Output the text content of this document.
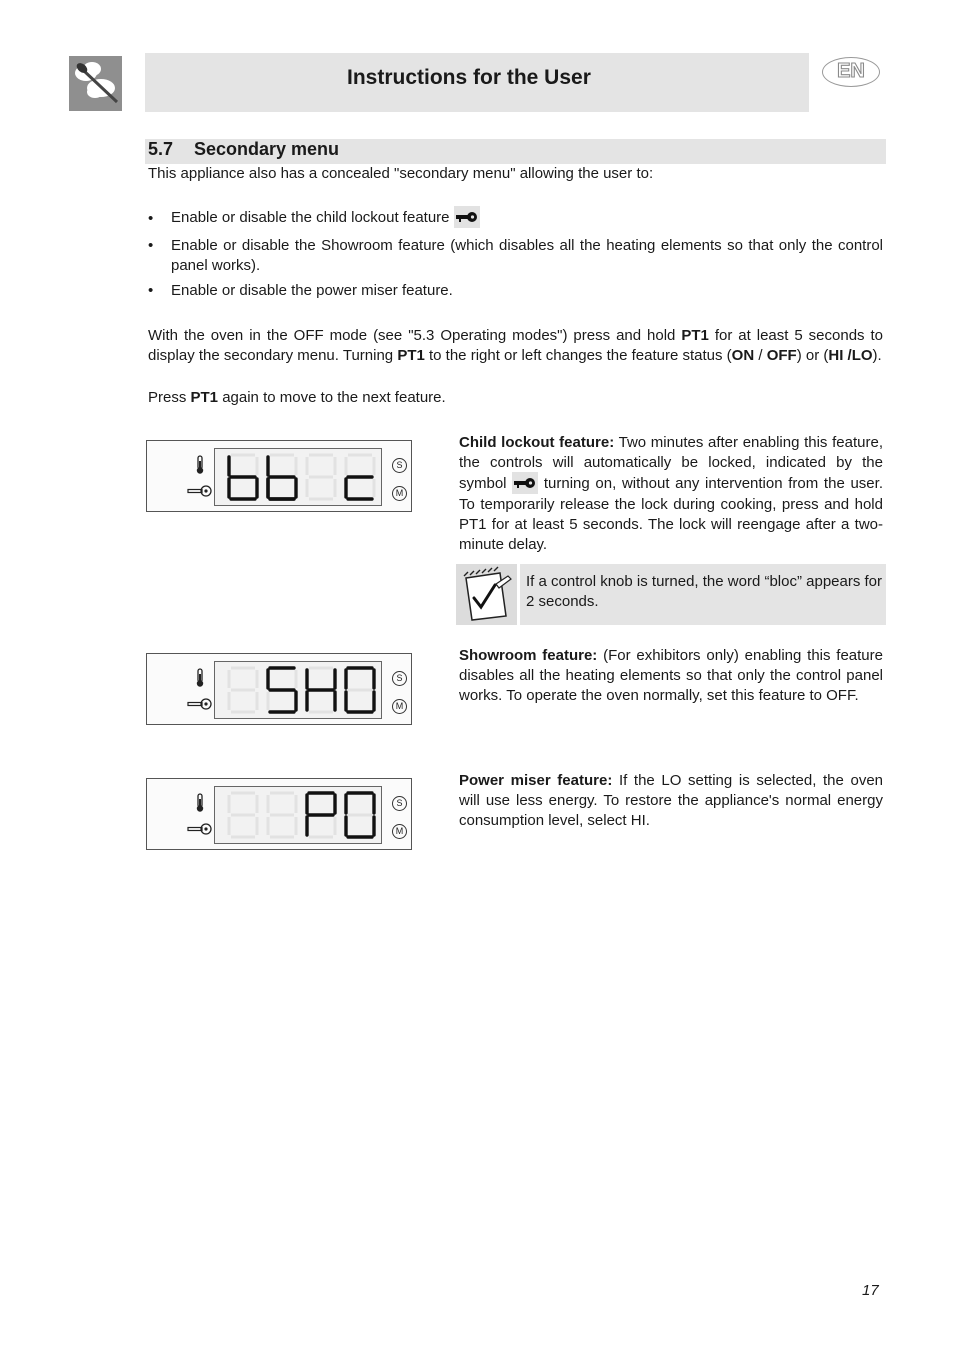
Instructions for the User	EN
5.7 Secondary menu
This appliance also has a concealed "secondary menu" allowing the user to:
• Enable or disable the child lockout feature
• Enable or disable the Showroom feature (which disables all the heating elements so that only the control panel works).
• Enable or disable the power miser feature.
With the oven in the OFF mode (see "5.3 Operating modes") press and hold PT1 for at least 5 seconds to display the secondary menu. Turning PT1 to the right or left changes the feature status (ON / OFF) or (HI /LO).
Press PT1 again to move to the next feature.
S
M
Child lockout feature: Two minutes after enabling this feature, the controls will automatically be locked, indicated by the symbol
turning on, without any intervention from the user. To temporarily release the lock during cooking, press and hold PT1 for at least 5 seconds. The lock will reengage after a two-minute delay.
If a control knob is turned, the word “bloc” appears for 2 seconds.
S
M
Showroom feature: (For exhibitors only) enabling this feature disables all the heating elements so that only the control panel works. To operate the oven normally, set this feature to OFF.
S
M
Power miser feature: If the LO setting is selected, the oven will use less energy. To restore the appliance's normal energy consumption level, select HI.
17
